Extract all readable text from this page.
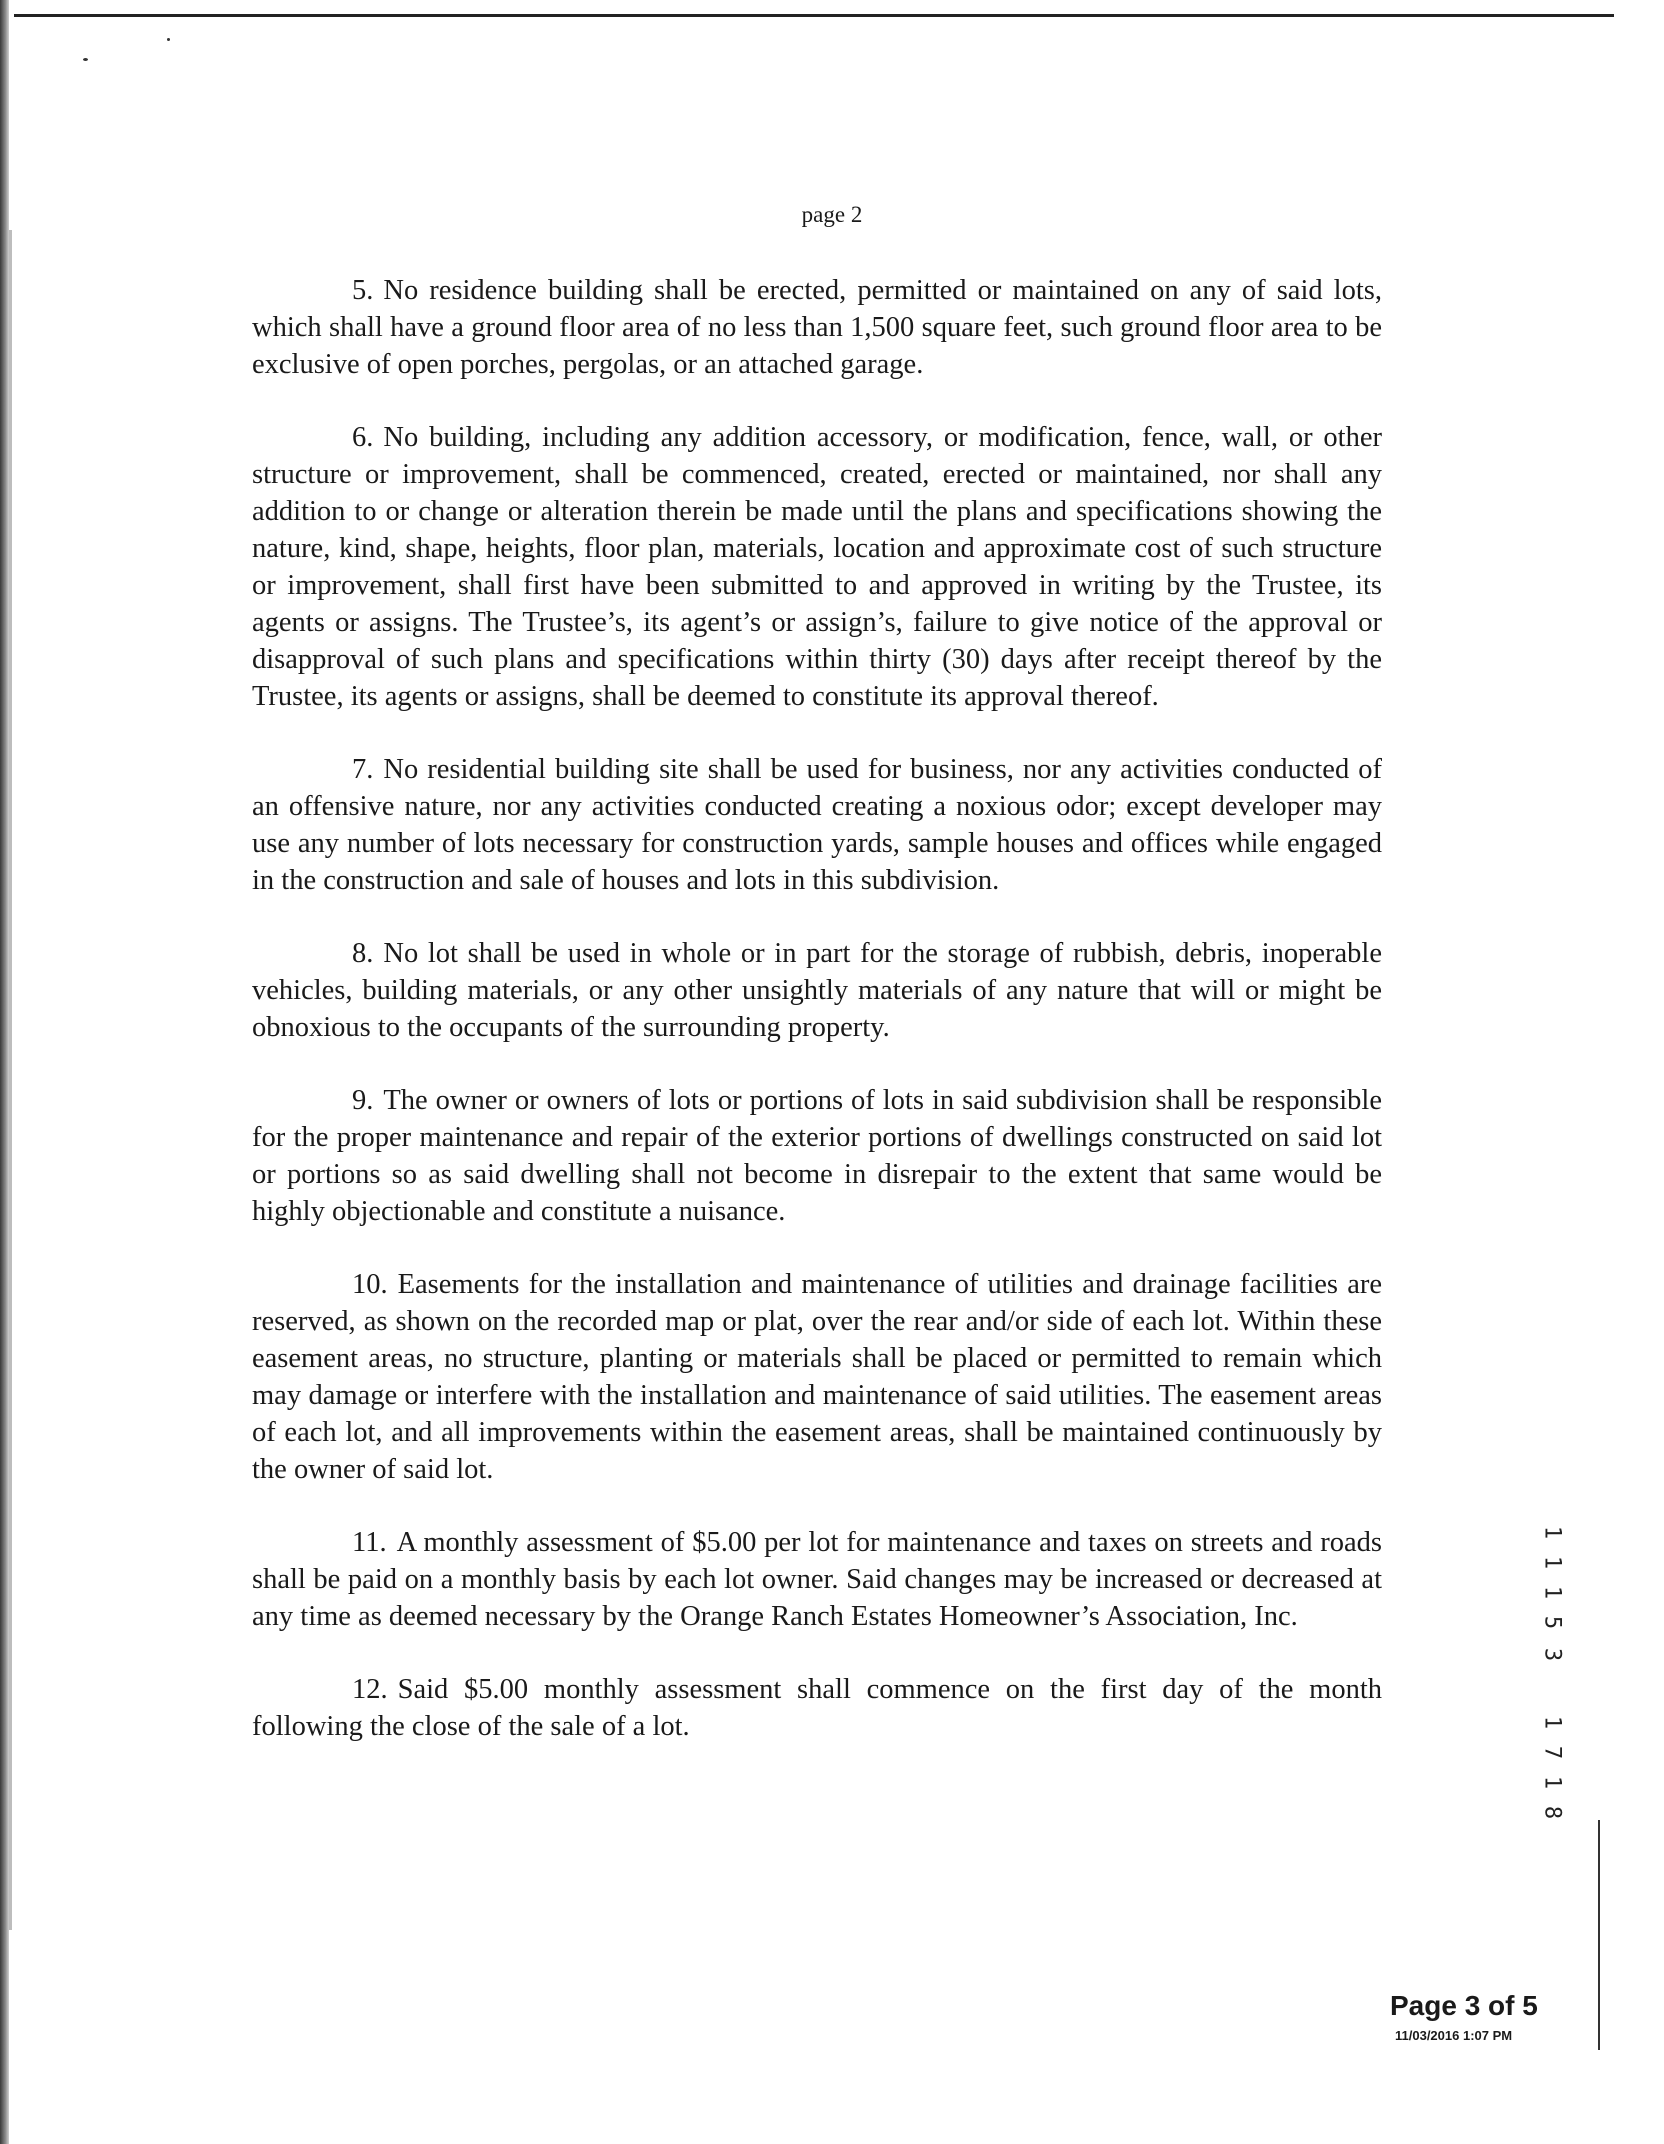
page 2

5. No residence building shall be erected, permitted or maintained on any of said lots, which shall have a ground floor area of no less than 1,500 square feet, such ground floor area to be exclusive of open porches, pergolas, or an attached garage.

6. No building, including any addition accessory, or modification, fence, wall, or other structure or improvement, shall be commenced, created, erected or maintained, nor shall any addition to or change or alteration therein be made until the plans and specifications showing the nature, kind, shape, heights, floor plan, materials, location and approximate cost of such structure or improvement, shall first have been submitted to and approved in writing by the Trustee, its agents or assigns. The Trustee’s, its agent’s or assign’s, failure to give notice of the approval or disapproval of such plans and specifications within thirty (30) days after receipt thereof by the Trustee, its agents or assigns, shall be deemed to constitute its approval thereof.

7. No residential building site shall be used for business, nor any activities conducted of an offensive nature, nor any activities conducted creating a noxious odor; except developer may use any number of lots necessary for construction yards, sample houses and offices while engaged in the construction and sale of houses and lots in this subdivision.

8. No lot shall be used in whole or in part for the storage of rubbish, debris, inoperable vehicles, building materials, or any other unsightly materials of any nature that will or might be obnoxious to the occupants of the surrounding property.

9. The owner or owners of lots or portions of lots in said subdivision shall be responsible for the proper maintenance and repair of the exterior portions of dwellings constructed on said lot or portions so as said dwelling shall not become in disrepair to the extent that same would be highly objectionable and constitute a nuisance.

10. Easements for the installation and maintenance of utilities and drainage facilities are reserved, as shown on the recorded map or plat, over the rear and/or side of each lot. Within these easement areas, no structure, planting or materials shall be placed or permitted to remain which may damage or interfere with the installation and maintenance of said utilities. The easement areas of each lot, and all improvements within the easement areas, shall be maintained continuously by the owner of said lot.

11. A monthly assessment of $5.00 per lot for maintenance and taxes on streets and roads shall be paid on a monthly basis by each lot owner. Said changes may be increased or decreased at any time as deemed necessary by the Orange Ranch Estates Homeowner’s Association, Inc.

12. Said $5.00 monthly assessment shall commence on the first day of the month following the close of the sale of a lot.

1
1
1
5
3
1
7
1
8
Page 3 of 5
11/03/2016 1:07 PM
